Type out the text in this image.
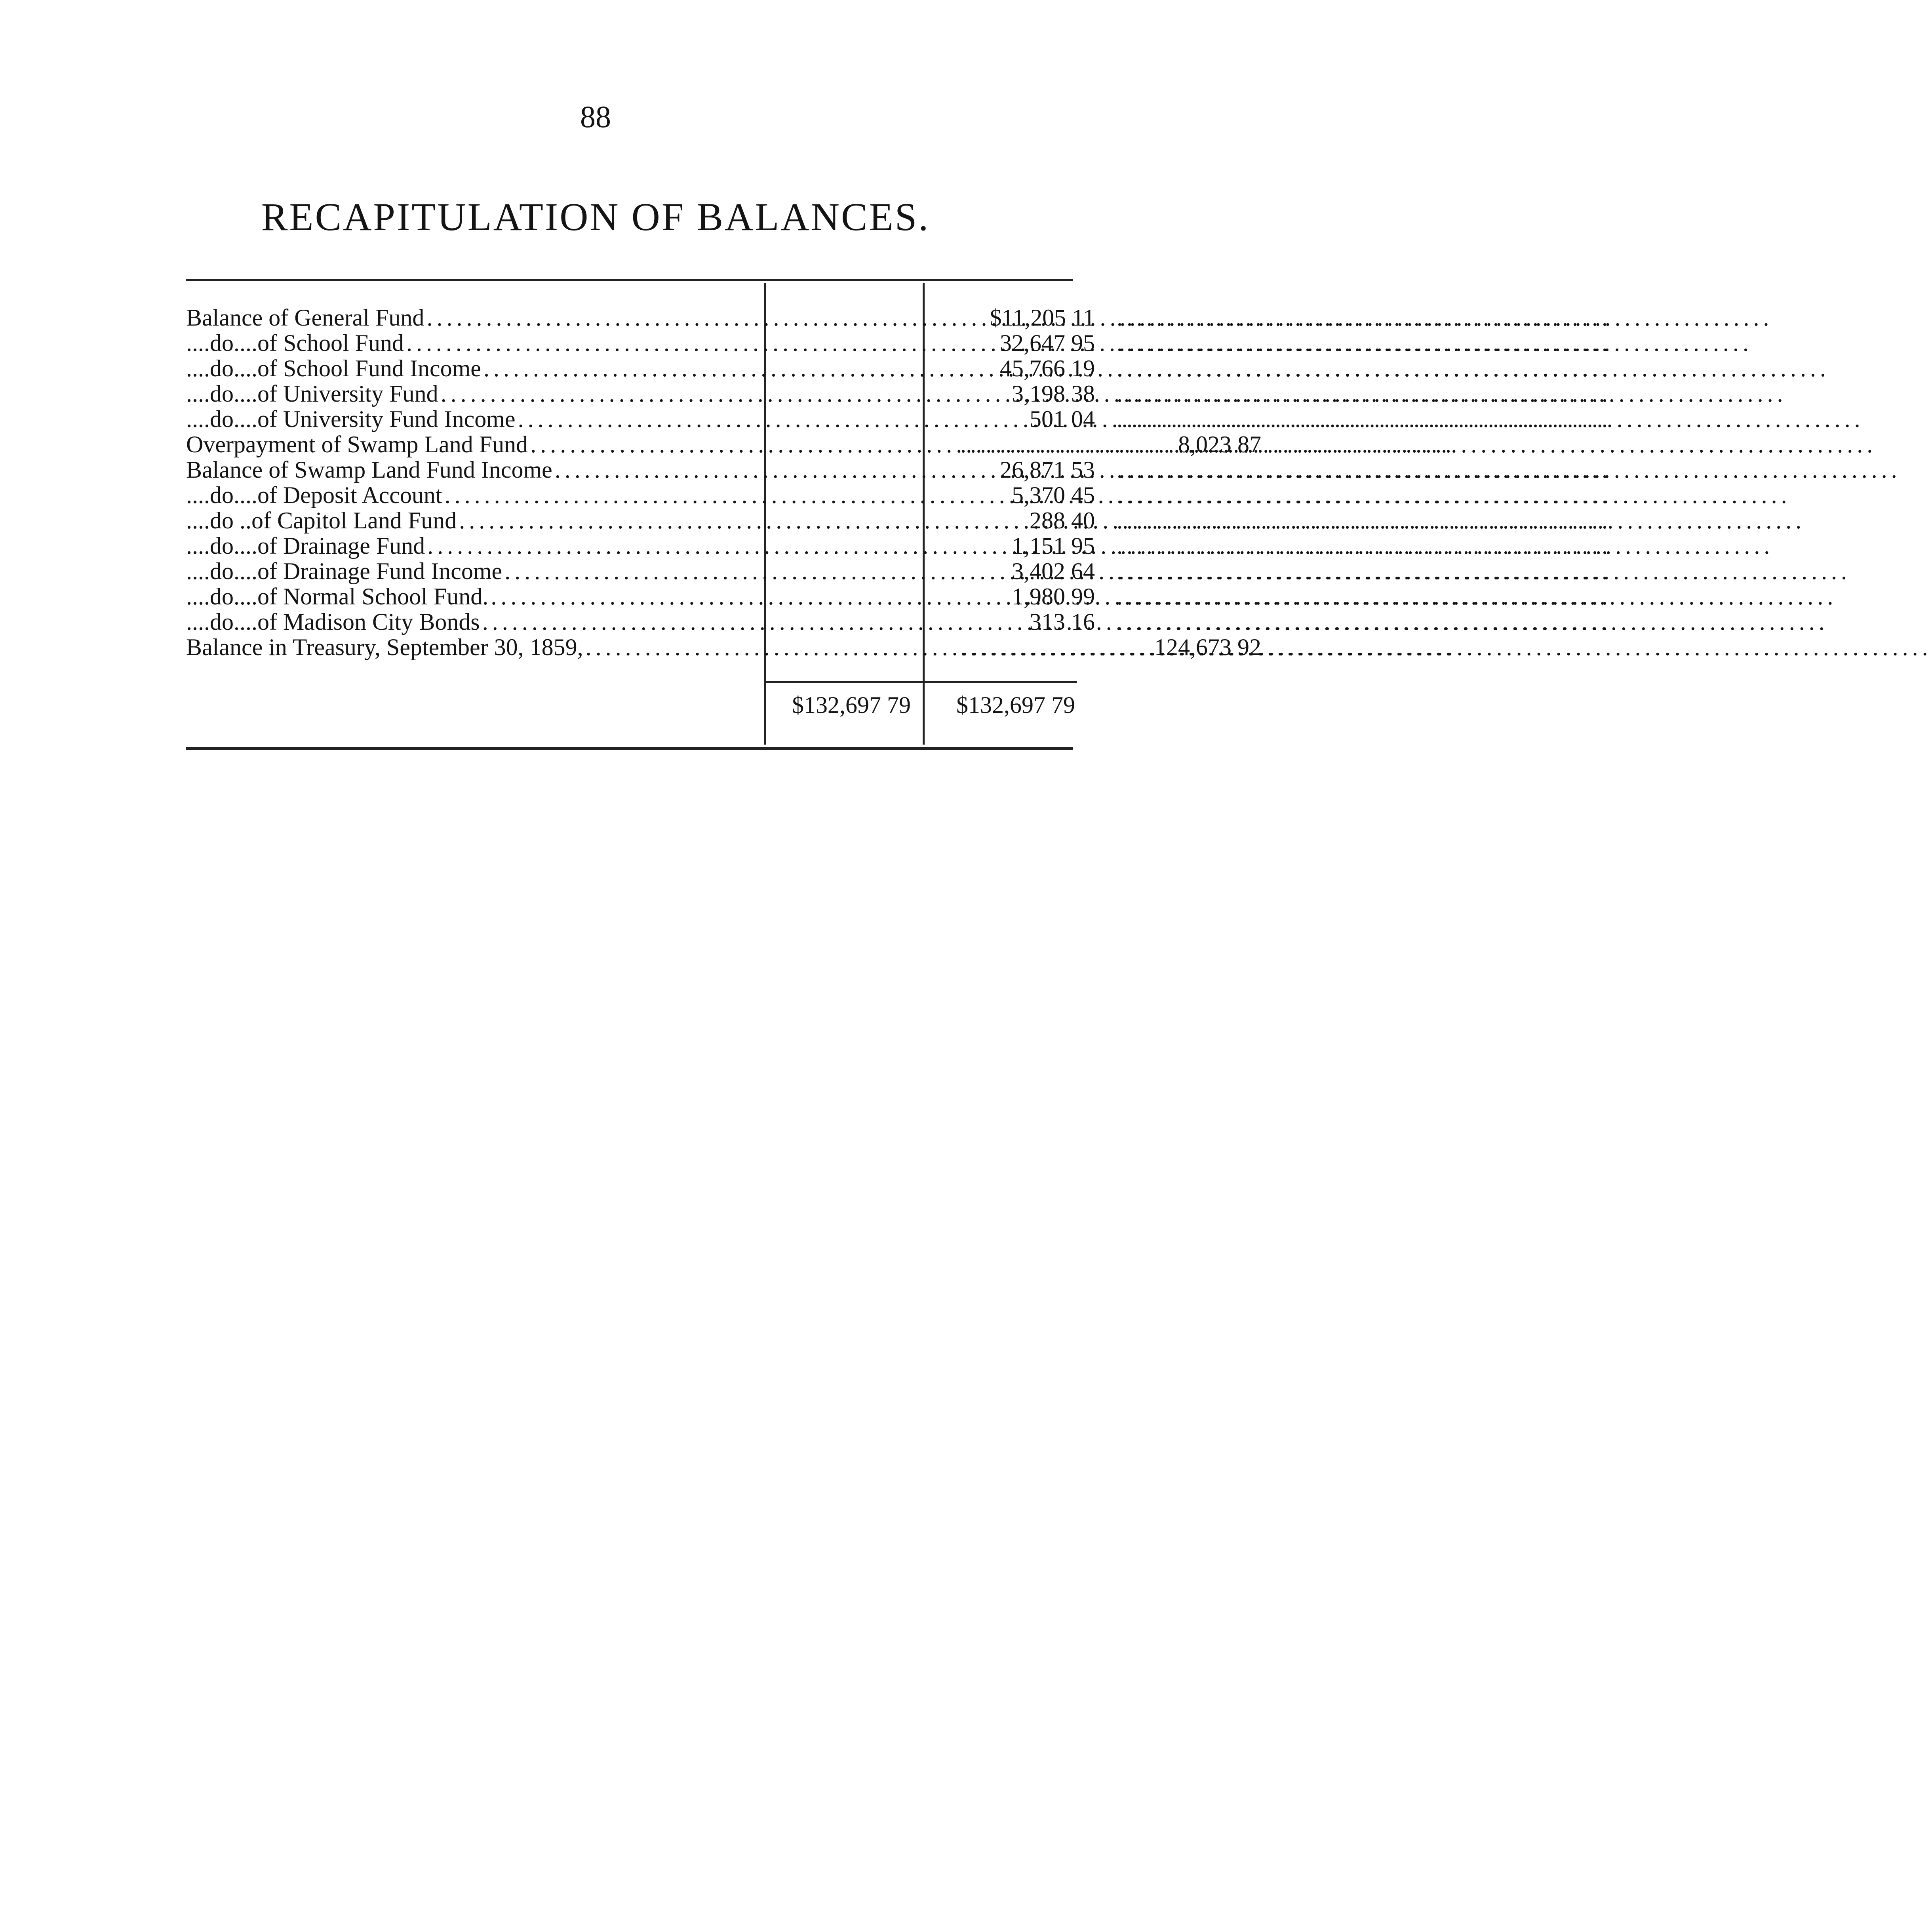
88
RECAPITULATION OF BALANCES.
Balance of General Fund .....	$11,205 11
.....
....do....of School Fund .....	32,647 95
.....
....do....of School Fund Income .....	45,766 19
.....
....do....of University Fund .....	3,198 38
.....
....do....of University Fund Income .....	501 04
.....
Overpayment of Swamp Land Fund ..... .....	8,023 87
Balance of Swamp Land Fund Income .....	26,871 53
.....
....do....of Deposit Account .....	5,370 45
.....
....do ..of Capitol Land Fund .....	288 40
.....
....do....of Drainage Fund .....	1,151 95
.....
....do....of Drainage Fund Income .....	3,402 64
.....
....do....of Normal School Fund. .....	1,980 99
.....
....do....of Madison City Bonds .....	313 16
.....
Balance in Treasury, September 30, 1859, ..... .....	124,673 92
$132,697 79	$132,697 79
